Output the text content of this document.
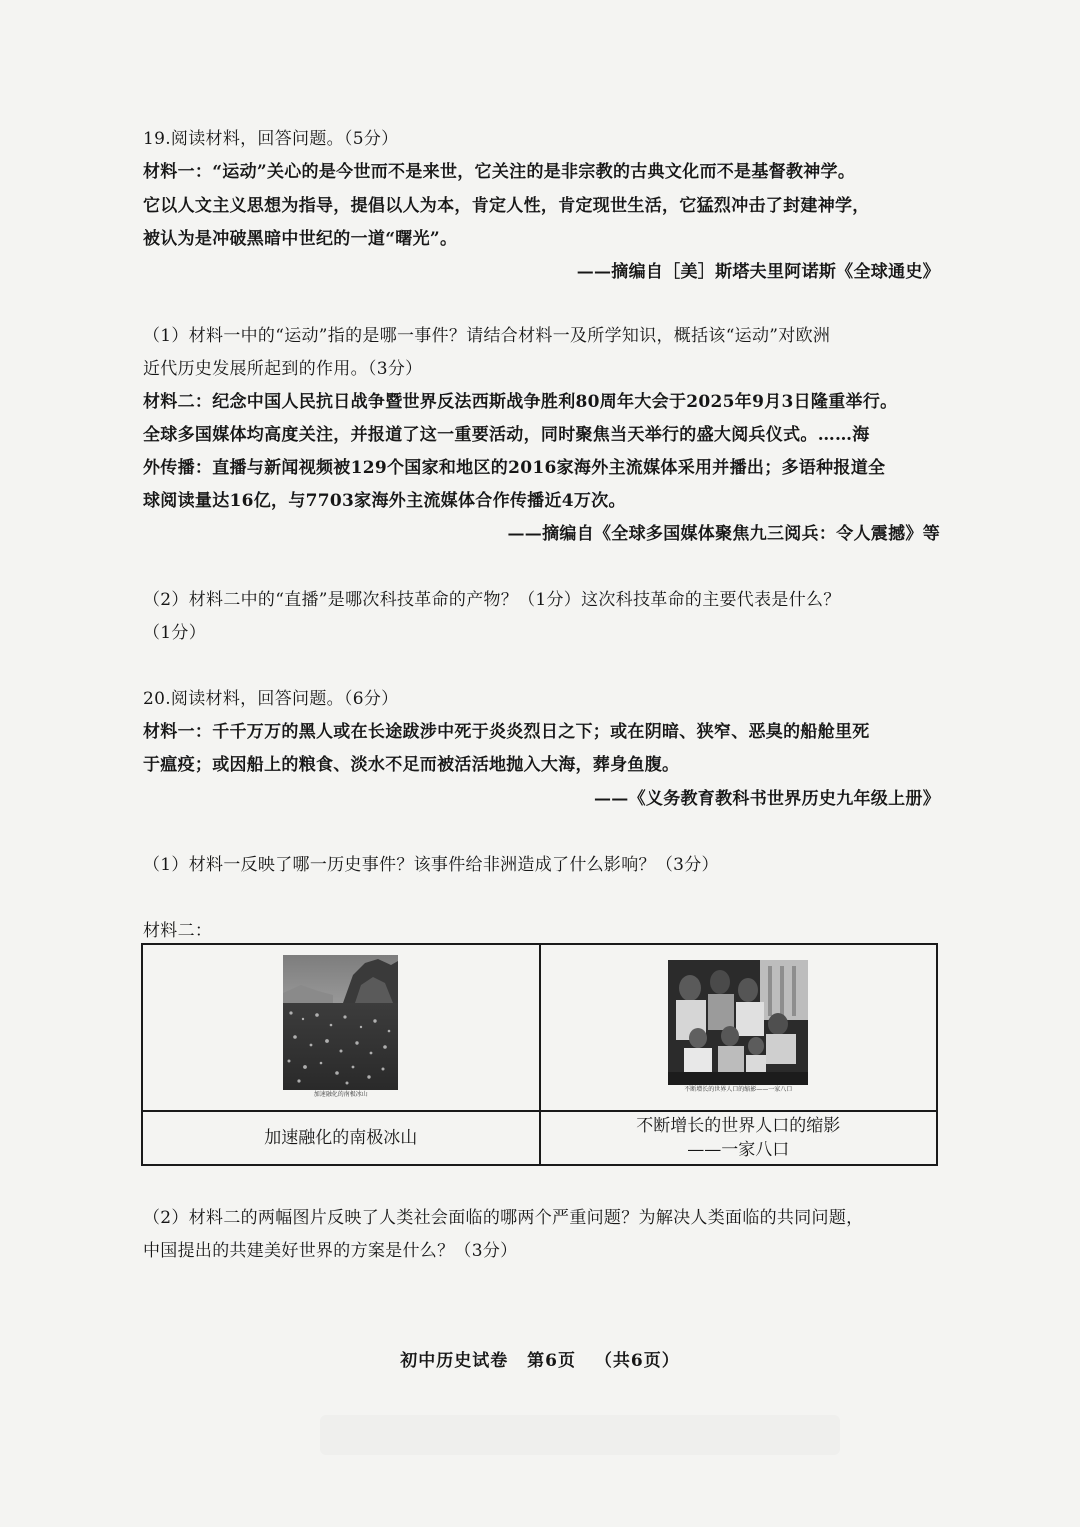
19.阅读材料，回答问题。（5分）
材料一：“运动”关心的是今世而不是来世，它关注的是非宗教的古典文化而不是基督教神学。
它以人文主义思想为指导，提倡以人为本，肯定人性，肯定现世生活，它猛烈冲击了封建神学，
被认为是冲破黑暗中世纪的一道“曙光”。
——摘编自［美］斯塔夫里阿诺斯《全球通史》
（1）材料一中的“运动”指的是哪一事件？请结合材料一及所学知识，概括该“运动”对欧洲
近代历史发展所起到的作用。（3分）
材料二：纪念中国人民抗日战争暨世界反法西斯战争胜利80周年大会于2025年9月3日隆重举行。
全球多国媒体均高度关注，并报道了这一重要活动，同时聚焦当天举行的盛大阅兵仪式。……海
外传播：直播与新闻视频被129个国家和地区的2016家海外主流媒体采用并播出；多语种报道全
球阅读量达16亿，与7703家海外主流媒体合作传播近4万次。
——摘编自《全球多国媒体聚焦九三阅兵：令人震撼》等
（2）材料二中的“直播”是哪次科技革命的产物？（1分）这次科技革命的主要代表是什么？
（1分）
20.阅读材料，回答问题。（6分）
材料一：千千万万的黑人或在长途跋涉中死于炎炎烈日之下；或在阴暗、狭窄、恶臭的船舱里死
于瘟疫；或因船上的粮食、淡水不足而被活活地抛入大海，葬身鱼腹。
——《义务教育教科书世界历史九年级上册》
（1）材料一反映了哪一历史事件？该事件给非洲造成了什么影响？（3分）
材料二：
加速融化的南极冰山	不断增长的世界人口的缩影——一家八口

加速融化的南极冰山	不断增长的世界人口的缩影
——一家八口
（2）材料二的两幅图片反映了人类社会面临的哪两个严重问题？为解决人类面临的共同问题，
中国提出的共建美好世界的方案是什么？（3分）
初中历史试卷 第6页 （共6页）
